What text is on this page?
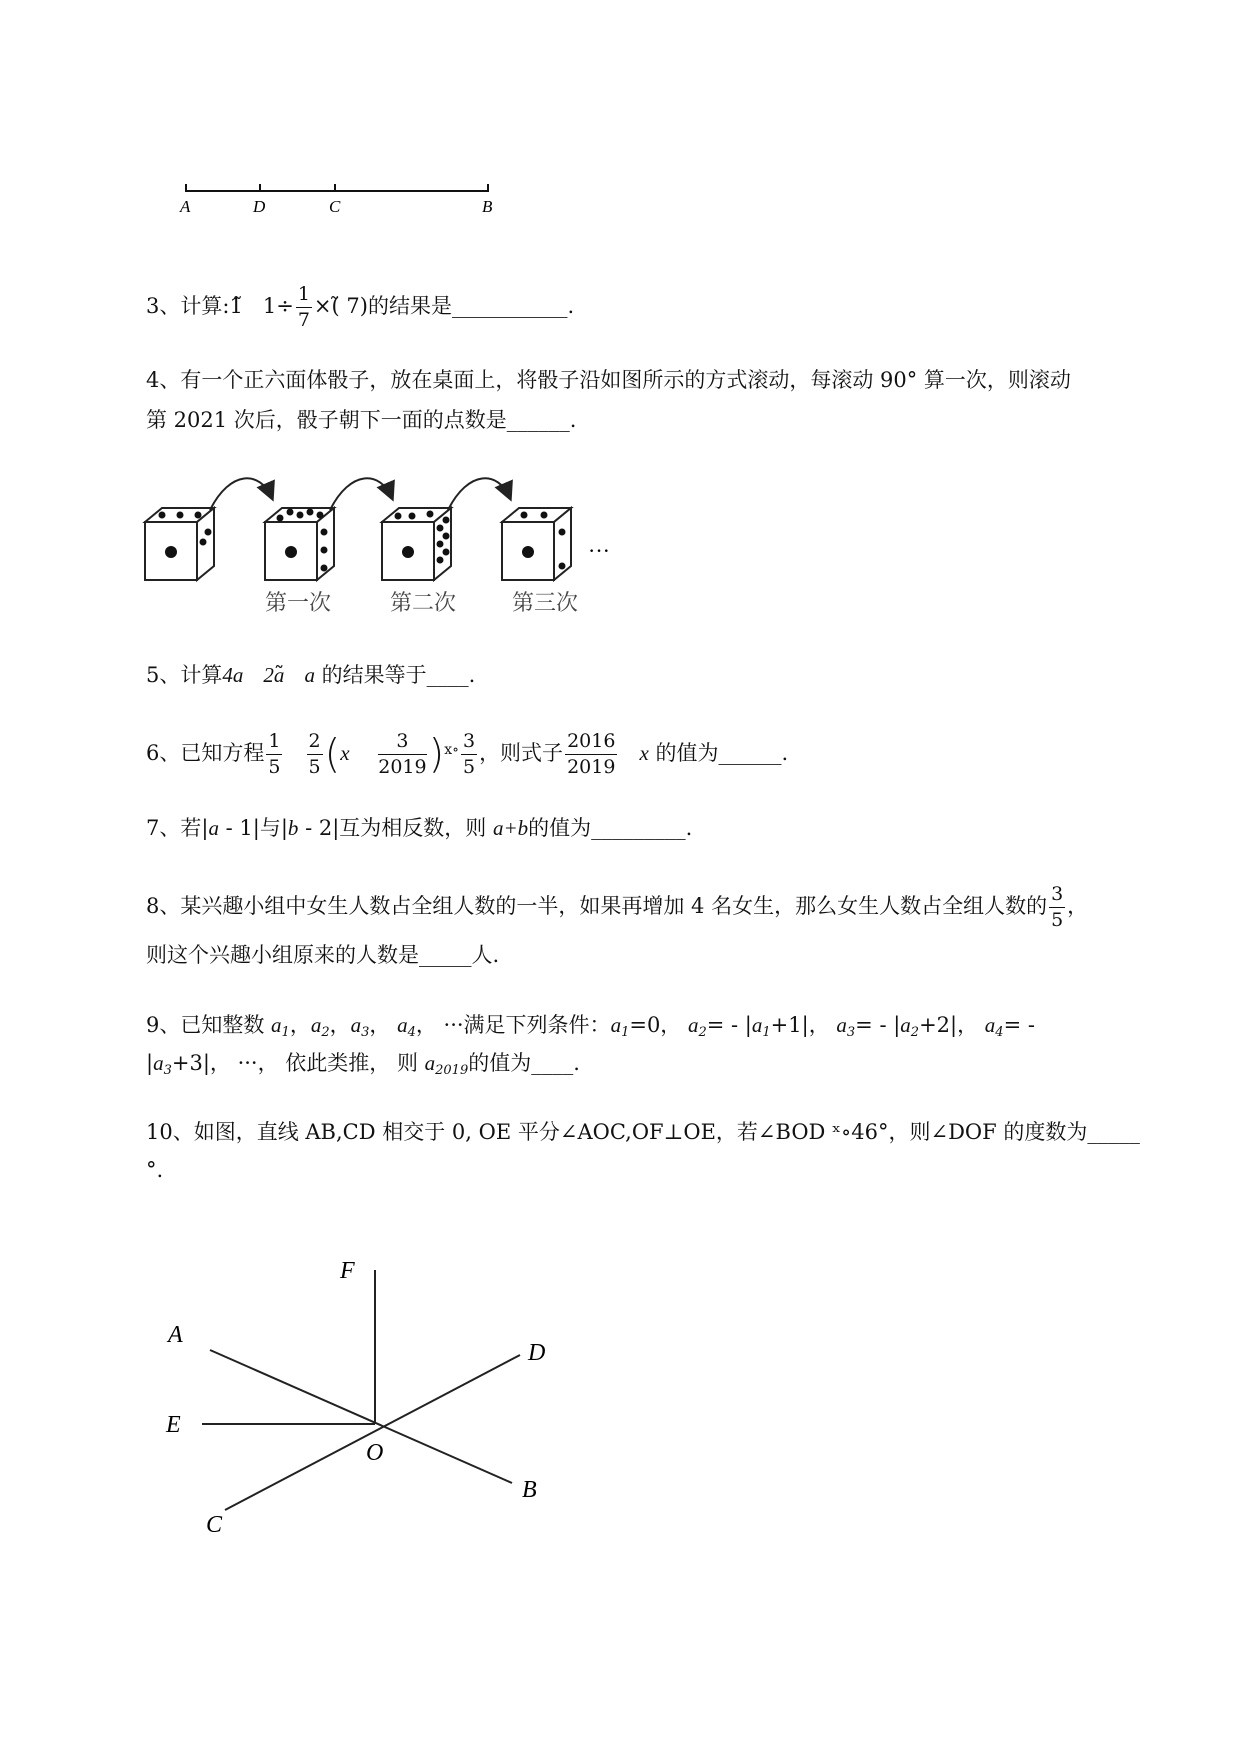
A	D	C	B
3、计算:1̃ $1\div \frac{1}{7}$ ×(̃ 7)的结果是___________.
4、有一个正六面体骰子，放在桌面上，将骰子沿如图所示的方式滚动，每滚动 90° 算一次，则滚动
第 2021 次后，骰子朝下一面的点数是______.
···
第一次	第二次	第三次
5、计算4a 2a a 的结果等于____.
6、已知方程 $\frac{1}{5}$
$\frac{2}{5} (x \frac{3}{2019} )^{ⅹ\circ} \frac{3}{5}$ ，则式子 $\frac{2016}{2019}$ x 的值为______.
7、若|a - 1|与|b - 2|互为相反数，则 a+b的值为_________.
8、某兴趣小组中女生人数占全组人数的一半，如果再增加 4 名女生，那么女生人数占全组人数的 $\frac{3}{5}$ ，
则这个兴趣小组原来的人数是_____人.
9、已知整数 $a_1$，$a_2$，$a_3$， $a_4$， ···满足下列条件：$a_1=0$， $a_2= - |a_1+1|$， $a_3= - |a_2+2|$， $a_4=$ -
$|a_3+3|$， ···， 依此类推， 则 $a_{2019}$的值为____.
10、如图，直线 AB,CD 相交于 0, OE 平分∠AOC,OF⊥OE，若∠BOD ˣ∘46°，则∠DOF 的度数为_____
°.
F
A
D
E
O
B
C
